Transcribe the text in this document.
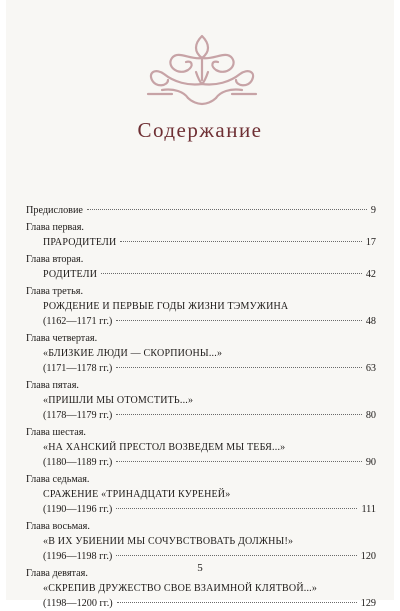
Содержание
Предисловие	9
Глава первая.
ПРАРОДИТЕЛИ	17
Глава вторая.
РОДИТЕЛИ	42
Глава третья.
РОЖДЕНИЕ И ПЕРВЫЕ ГОДЫ ЖИЗНИ ТЭМУЖИНА
(1162—1171 гг.)	48
Глава четвертая.
«БЛИЗКИЕ ЛЮДИ — СКОРПИОНЫ...»
(1171—1178 гг.)	63
Глава пятая.
«ПРИШЛИ МЫ ОТОМСТИТЬ...»
(1178—1179 гг.)	80
Глава шестая.
«НА ХАНСКИЙ ПРЕСТОЛ ВОЗВЕДЕМ МЫ ТЕБЯ...»
(1180—1189 гг.)	90
Глава седьмая.
СРАЖЕНИЕ «ТРИНАДЦАТИ КУРЕНЕЙ»
(1190—1196 гг.)	111
Глава восьмая.
«В ИХ УБИЕНИИ МЫ СОЧУВСТВОВАТЬ ДОЛЖНЫ!»
(1196—1198 гг.)	120
Глава девятая.
«СКРЕПИВ ДРУЖЕСТВО СВОЕ ВЗАИМНОЙ КЛЯТВОЙ...»
(1198—1200 гг.)	129
5
